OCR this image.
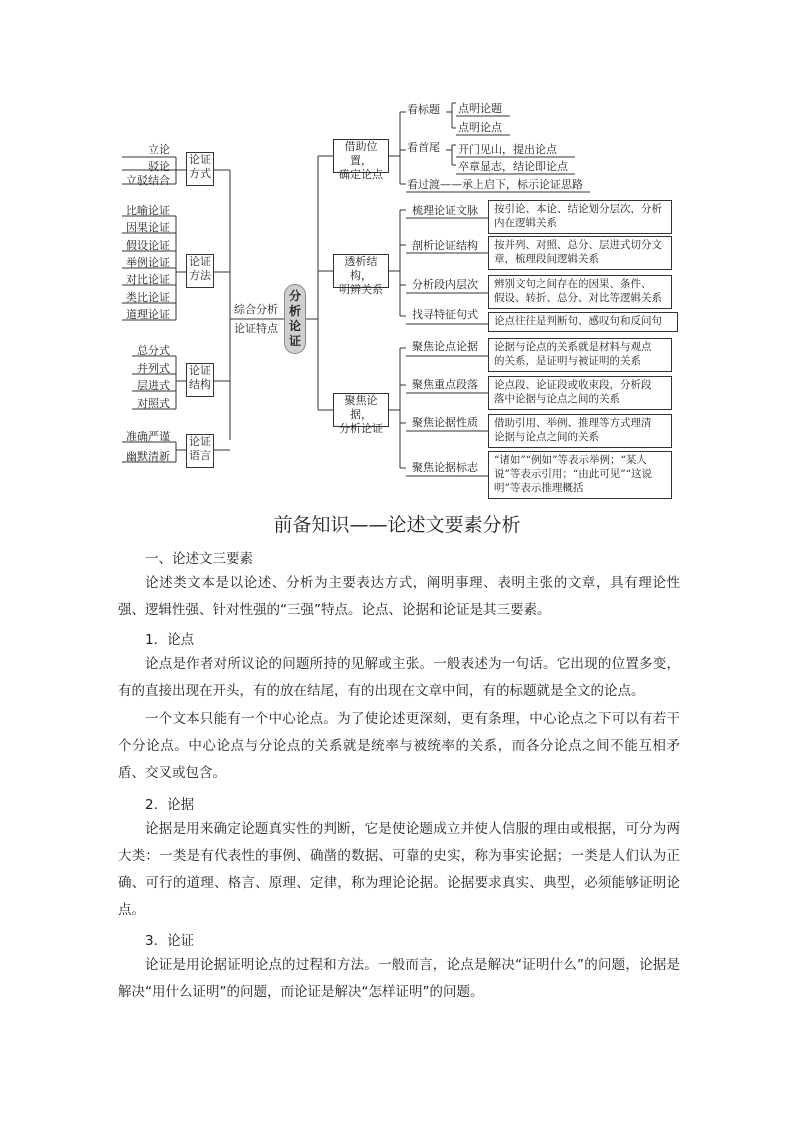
分析论证
综合分析
论证特点
论证
方式
论证
方法
论证
结构
论证
语言
立论
驳论
立驳结合
比喻论证
因果论证
假设论证
举例论证
对比论证
类比论证
道理论证
总分式
并列式
层进式
对照式
准确严谨
幽默清新
借助位置，
确定论点
透析结构，
明辨关系
聚焦论据，
分析论证
看标题 点明论题
点明论点
看首尾 开门见山，提出论点
卒章显志，结论即论点
看过渡——承上启下，标示论证思路
梳理论证文脉 按引论、本论、结论划分层次，分析
内在逻辑关系
剖析论证结构 按并列、对照、总分、层进式切分文
章，梳理段间逻辑关系
分析段内层次 辨别文句之间存在的因果、条件、
假设、转折、总分、对比等逻辑关系
找寻特征句式 论点往往是判断句、感叹句和反问句
聚焦论点论据 论据与论点的关系就是材料与观点
的关系，是证明与被证明的关系
聚焦重点段落 论点段、论证段或收束段，分析段
落中论据与论点之间的关系
聚焦论据性质 借助引用、举例、推理等方式理清
论据与论点之间的关系
聚焦论据标志
“诸如”“例如”等表示举例；“某人
说”等表示引用；“由此可见”“这说
明”等表示推理概括
前备知识——论述文要素分析
一、论述文三要素

论述类文本是以论述、分析为主要表达方式，阐明事理、表明主张的文章，具有理论性强、逻辑性强、针对性强的“三强”特点。论点、论据和论证是其三要素。

1．论点

论点是作者对所议论的问题所持的见解或主张。一般表述为一句话。它出现的位置多变，有的直接出现在开头，有的放在结尾，有的出现在文章中间，有的标题就是全文的论点。

一个文本只能有一个中心论点。为了使论述更深刻，更有条理，中心论点之下可以有若干个分论点。中心论点与分论点的关系就是统率与被统率的关系，而各分论点之间不能互相矛盾、交叉或包含。

2．论据

论据是用来确定论题真实性的判断，它是使论题成立并使人信服的理由或根据，可分为两大类：一类是有代表性的事例、确凿的数据、可靠的史实，称为事实论据；一类是人们认为正确、可行的道理、格言、原理、定律，称为理论论据。论据要求真实、典型，必须能够证明论点。

3．论证

论证是用论据证明论点的过程和方法。一般而言，论点是解决“证明什么”的问题，论据是解决“用什么证明”的问题，而论证是解决“怎样证明”的问题。
